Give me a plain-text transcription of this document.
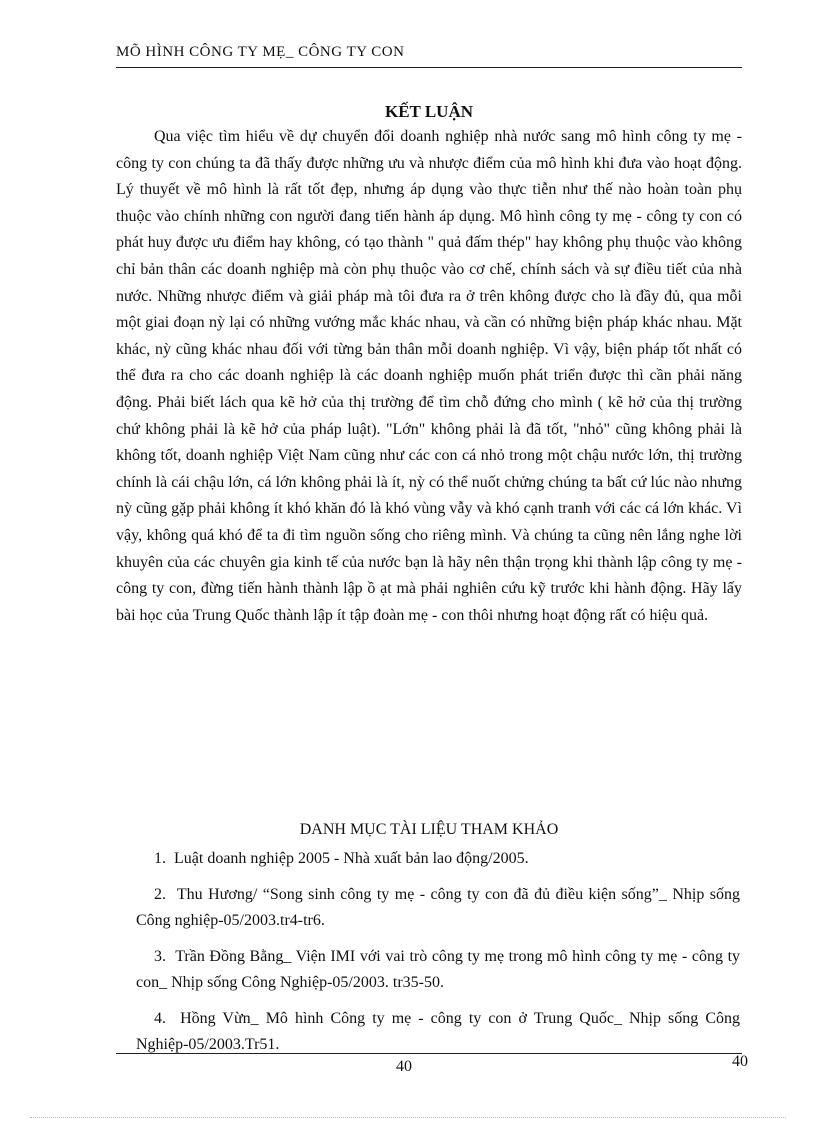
MÕ HÌNH CÔNG TY MẸ_ CÔNG TY CON
KẾT LUẬN

Qua việc tìm hiểu về dự chuyển đổi doanh nghiệp nhà nước sang mô hình công ty mẹ - công ty con chúng ta đã thấy được những ưu và nhược điểm của mô hình khi đưa vào hoạt động. Lý thuyết về mô hình là rất tốt đẹp, nhưng áp dụng vào thực tiễn như thế nào hoàn toàn phụ thuộc vào chính những con người đang tiến hành áp dụng. Mô hình công ty mẹ - công ty con có phát huy được ưu điểm hay không, có tạo thành " quả đấm thép" hay không phụ thuộc vào không chỉ bản thân các doanh nghiệp mà còn phụ thuộc vào cơ chế, chính sách và sự điều tiết của nhà nước. Những nhược điểm và giải pháp mà tôi đưa ra ở trên không được cho là đầy đủ, qua mỗi một giai đoạn nỳ lại có những vướng mắc khác nhau, và cần có những biện pháp khác nhau. Mặt khác, nỳ cũng khác nhau đối với từng bản thân mỗi doanh nghiệp. Vì vậy, biện pháp tốt nhất có thể đưa ra cho các doanh nghiệp là các doanh nghiệp muốn phát triển được thì cần phải năng động. Phải biết lách qua kẽ hở của thị trường để tìm chỗ đứng cho mình ( kẽ hở của thị trường chứ không phải là kẽ hở của pháp luật). "Lớn" không phải là đã tốt, "nhỏ" cũng không phải là không tốt, doanh nghiệp Việt Nam cũng như các con cá nhỏ trong một chậu nước lớn, thị trường chính là cái chậu lớn, cá lớn không phải là ít, nỳ có thể nuốt chửng chúng ta bất cứ lúc nào nhưng nỳ cũng gặp phải không ít khó khăn đó là khó vùng vẫy và khó cạnh tranh với các cá lớn khác. Vì vậy, không quá khó để ta đi tìm nguồn sống cho riêng mình. Và chúng ta cũng nên lắng nghe lời khuyên của các chuyên gia kinh tế của nước bạn là hãy nên thận trọng khi thành lập công ty mẹ - công ty con, đừng tiến hành thành lập ồ ạt mà phải nghiên cứu kỹ trước khi hành động. Hãy lấy bài học của Trung Quốc thành lập ít tập đoàn mẹ - con thôi nhưng hoạt động rất có hiệu quả.

DANH MỤC TÀI LIỆU THAM KHẢO
1. Luật doanh nghiệp 2005 - Nhà xuất bản lao động/2005.
2. Thu Hương/ “Song sinh công ty mẹ - công ty con đã đủ điều kiện sống”_ Nhịp sống Công nghiệp-05/2003.tr4-tr6.
3. Trần Đồng Bằng_ Viện IMI với vai trò công ty mẹ trong mô hình công ty mẹ - công ty con_ Nhịp sống Công Nghiệp-05/2003. tr35-50.
4. Hồng Vừn_ Mô hình Công ty mẹ - công ty con ở Trung Quốc_ Nhịp sống Công Nghiệp-05/2003.Tr51.
40	40
